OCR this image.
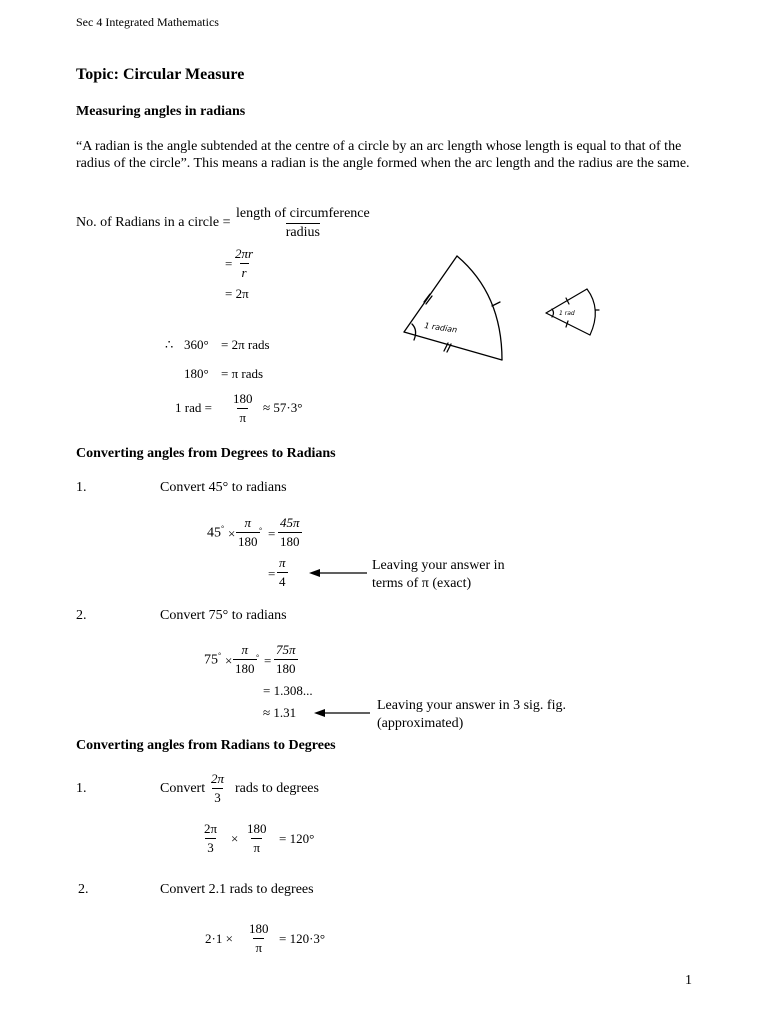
Sec 4 Integrated Mathematics
Topic: Circular Measure
Measuring angles in radians
“A radian is the angle subtended at the centre of a circle by an arc length whose length is equal to that of the radius of the circle”. This means a radian is the angle formed when the arc length and the radius are the same.
No. of Radians in a circle =
length of circumference
radius
= $\frac{2\pi r}{r}$
= 2π
∴ 360° = 2π rads
180° = π rads
1 rad = $\frac{180}{\pi} \approx 57\cdot 3^\circ$
1 radian
1 rad
Converting angles from Degrees to Radians
1.	Convert 45° to radians
$45^\circ \times \frac{\pi}{180}$ ° = $\frac{45\pi}{180}$
= $\frac{\pi}{4}$	Leaving your answer in
terms of π (exact)
2.	Convert 75° to radians
$75^\circ \times \frac{\pi}{180}$ ° = $\frac{75\pi}{180}$
= 1.308...
≈ 1.31	Leaving your answer in 3 sig. fig.
(approximated)
Converting angles from Radians to Degrees
1.	Convert $\frac{2\pi}{3}$ rads to degrees
$\frac{2\pi}{3} \times \frac{180}{\pi} = 120^\circ$
2.	Convert 2.1 rads to degrees
$2\cdot 1 \times \frac{180}{\pi} = 120\cdot 3^\circ$
1
